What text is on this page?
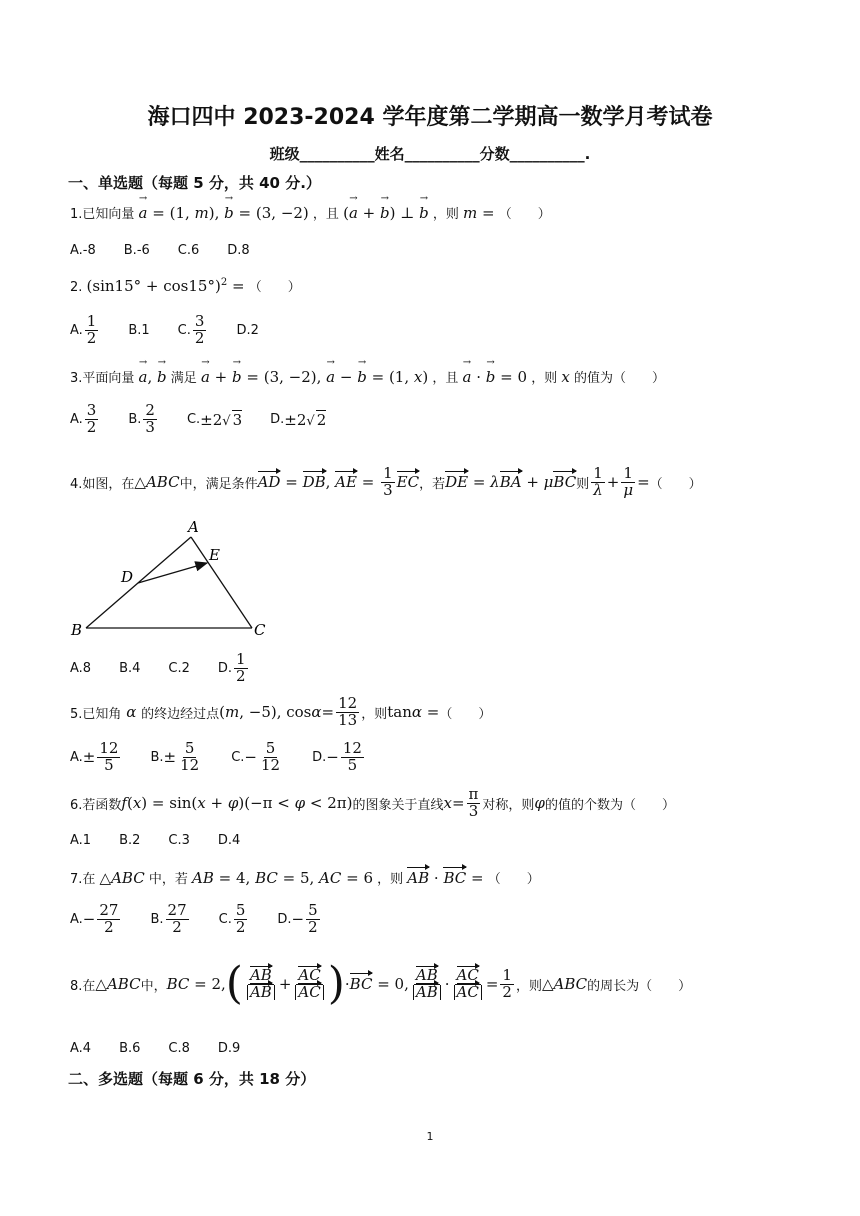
海口四中 2023-2024 学年度第二学期高一数学月考试卷
班级__________姓名__________分数__________.
一、单选题（每题 5 分，共 40 分.）
1.已知向量 a → = (1, m), b → = (3, −2) ，且 (a → + b →) ⊥ b → ，则 m = （　　）
A.-8 B.-6 C.6 D.8
2. $(\sin 15^\circ + \cos 15^\circ)^2$ = （　　）
A. $\frac{1}{2} B.1$ C. $\frac{3}{2} D.2$
3.平面向量 a →, b → 满足 a → + b → = (3, −2), a → − b → = (1, x) ，且 a → · b → = 0 ，则 x 的值为（　　）
A. $\frac{3}{2} B$. $\frac{2}{3} C$. ±2√ 3 D. ±2√ 2
4.如图，在 △ABC 中，满足条件 AD = DB , AE = $\frac{1}{3}$ EC ，若 DE = λBA + μBC 则 $\frac{1}{\lambda} + \frac{1}{\mu}$ = （　　）
A
E
D
B	C
A.8 B.4 C.2 D. $\frac{1}{2}$
5.已知角 α 的终边经过点 ( m , −5), $\cos \alpha = \frac{12}{13}$ ，则 tanα = （　　）
A. ± $\frac{12}{5} B$. ± $\frac{5}{12} C$. − $\frac{5}{12} D$. − $\frac{12}{5}$
6.若函数 f(x) = sin(x + φ)(−π < φ < 2π) 的图象关于直线 $x = \frac{\pi}{3}$ 对称，则 φ 的值的个数为（　　）
A.1 B.2 C.3 D.4
7.在 △ABC 中，若 AB = 4, BC = 5, AC = 6 ，则 AB · BC = （　　）
A. − $\frac{27}{2} B$. $\frac{27}{2} C$. $\frac{5}{2} D$. − $\frac{5}{2}$
8.在 △ABC 中， BC = 2, ( $\frac{AB}{AB} + \frac{AC}{AC}$ ) · BC = 0, $\frac{AB}{AB} \cdot \frac{AC}{AC} = \frac{1}{2}$ ，则 △ABC 的周长为（　　）
A.4 B.6 C.8 D.9
二、多选题（每题 6 分，共 18 分）
1
